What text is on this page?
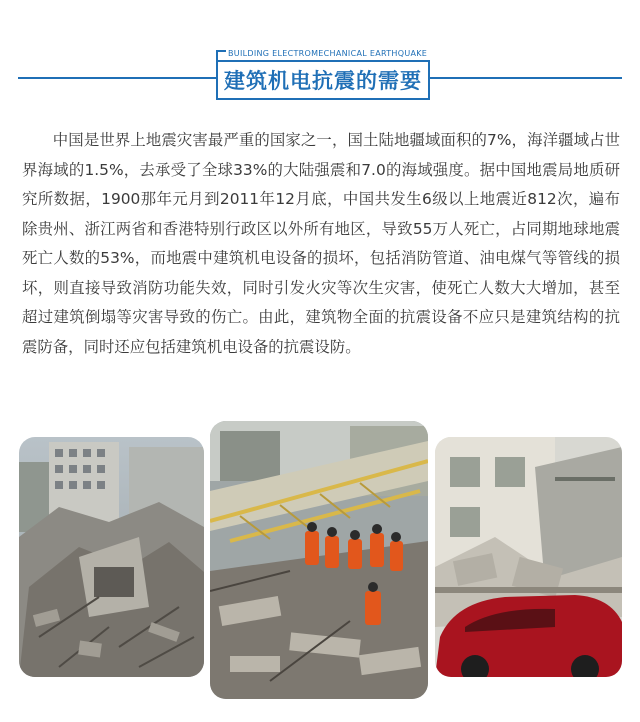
BUILDING ELECTROMECHANICAL EARTHQUAKE
建筑机电抗震的需要

中国是世界上地震灾害最严重的国家之一，国土陆地疆域面积的7%，海洋疆域占世界海域的1.5%，去承受了全球33%的大陆强震和7.0的海域强度。据中国地震局地质研究所数据，1900那年元月到2011年12月底，中国共发生6级以上地震近812次，遍布除贵州、浙江两省和香港特别行政区以外所有地区，导致55万人死亡，占同期地球地震死亡人数的53%，而地震中建筑机电设备的损坏，包括消防管道、油电煤气等管线的损坏，则直接导致消防功能失效，同时引发火灾等次生灾害，使死亡人数大大增加，甚至超过建筑倒塌等灾害导致的伤亡。由此，建筑物全面的抗震设备不应只是建筑结构的抗震防备，同时还应包括建筑机电设备的抗震设防。
